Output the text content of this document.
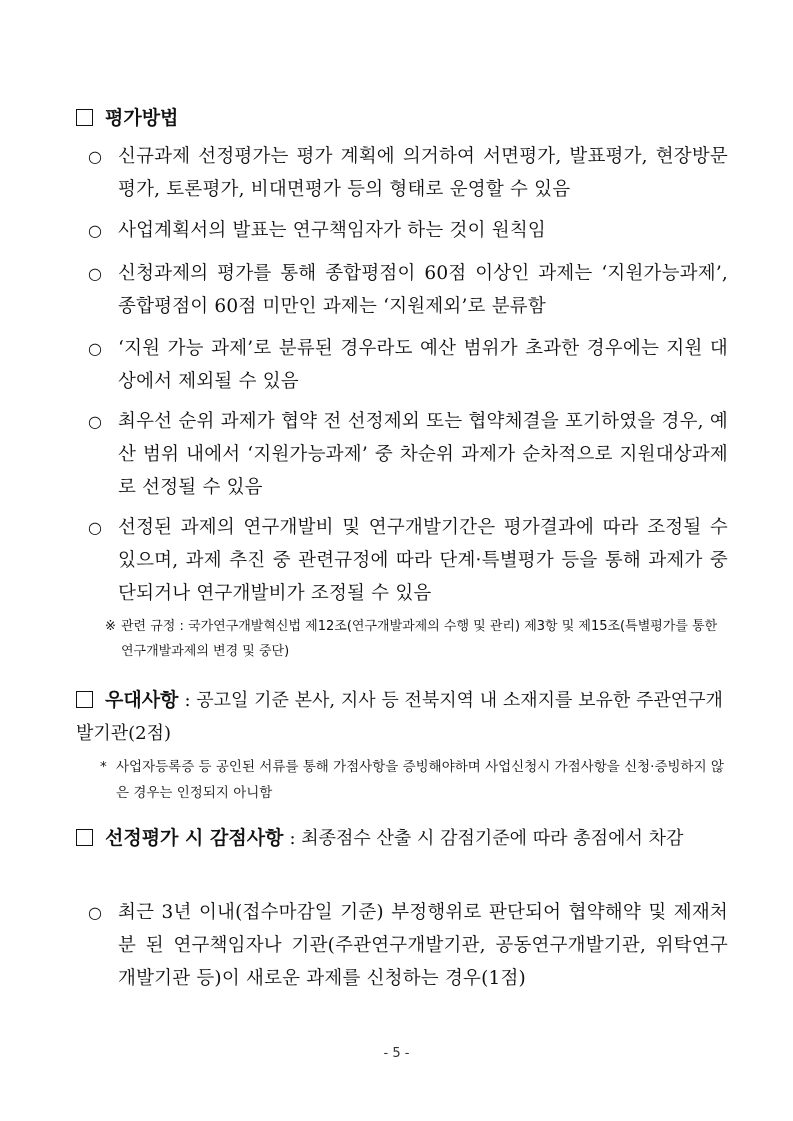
평가방법
○ 신규과제 선정평가는 평가 계획에 의거하여 서면평가, 발표평가, 현장방문평가, 토론평가, 비대면평가 등의 형태로 운영할 수 있음
○ 사업계획서의 발표는 연구책임자가 하는 것이 원칙임
○ 신청과제의 평가를 통해 종합평점이 60점 이상인 과제는 ‘지원가능과제’, 종합평점이 60점 미만인 과제는 ‘지원제외’로 분류함
○ ‘지원 가능 과제’로 분류된 경우라도 예산 범위가 초과한 경우에는 지원 대상에서 제외될 수 있음
○ 최우선 순위 과제가 협약 전 선정제외 또는 협약체결을 포기하였을 경우, 예산 범위 내에서 ‘지원가능과제’ 중 차순위 과제가 순차적으로 지원대상과제로 선정될 수 있음
○ 선정된 과제의 연구개발비 및 연구개발기간은 평가결과에 따라 조정될 수 있으며, 과제 추진 중 관련규정에 따라 단계·특별평가 등을 통해 과제가 중단되거나 연구개발비가 조정될 수 있음
※ 관련 규정 : 국가연구개발혁신법 제12조(연구개발과제의 수행 및 관리) 제3항 및 제15조(특별평가를 통한 연구개발과제의 변경 및 중단)
우대사항 : 공고일 기준 본사, 지사 등 전북지역 내 소재지를 보유한 주관연구개발기관(2점)
* 사업자등록증 등 공인된 서류를 통해 가점사항을 증빙해야하며 사업신청시 가점사항을 신청·증빙하지 않은 경우는 인정되지 아니함
선정평가 시 감점사항 : 최종점수 산출 시 감점기준에 따라 총점에서 차감
○ 최근 3년 이내(접수마감일 기준) 부정행위로 판단되어 협약해약 및 제재처분 된 연구책임자나 기관(주관연구개발기관, 공동연구개발기관, 위탁연구개발기관 등)이 새로운 과제를 신청하는 경우(1점)
- 5 -
